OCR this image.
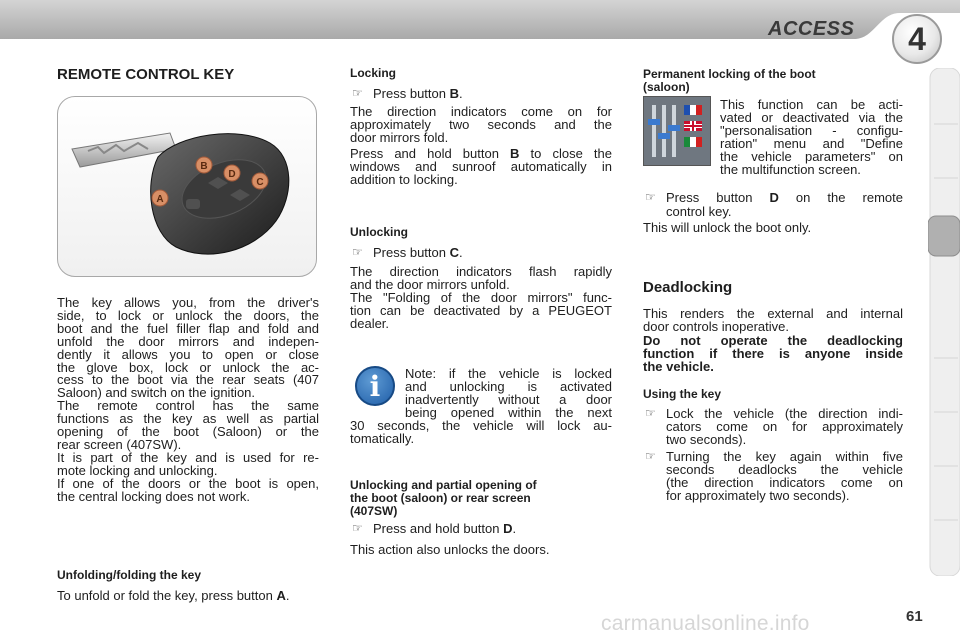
ACCESS	4
REMOTE CONTROL KEY
B
D
C
A
The key allows you, from the driver's
side, to lock or unlock the doors, the
boot and the fuel filler flap and fold and
unfold the door mirrors and indepen-
dently it allows you to open or close
the glove box, lock or unlock the ac-
cess to the boot via the rear seats (407
Saloon) and switch on the ignition.
The remote control has the same
functions as the key as well as partial
opening of the boot (Saloon) or the
rear screen (407SW).
It is part of the key and is used for re-
mote locking and unlocking.
If one of the doors or the boot is open,
the central locking does not work.
Unfolding/folding the key
To unfold or fold the key, press button A.
Locking
☞ Press button B.
The direction indicators come on for
approximately two seconds and the
door mirrors fold.
Press and hold button B to close the
windows and sunroof automatically in
addition to locking.
Unlocking
☞ Press button C.
The direction indicators flash rapidly
and the door mirrors unfold.
The "Folding of the door mirrors" func-
tion can be deactivated by a PEUGEOT
dealer.
i	Note: if the vehicle is locked
and unlocking is activated
inadvertently without a door
being opened within the next
30 seconds, the vehicle will lock au-
tomatically.
Unlocking and partial opening of
the boot (saloon) or rear screen
(407SW)
☞ Press and hold button D.
This action also unlocks the doors.
Permanent locking of the boot
(saloon)
This function can be acti-
vated or deactivated via the
"personalisation - configu-
ration" menu and "Define
the vehicle parameters" on
the multifunction screen.
☞ Press button D on the remote
control key.
This will unlock the boot only.
Deadlocking
This renders the external and internal
door controls inoperative.
Do not operate the deadlocking
function if there is anyone inside
the vehicle.
Using the key
☞ Lock the vehicle (the direction indi-
cators come on for approximately
two seconds).
☞ Turning the key again within five
seconds deadlocks the vehicle
(the direction indicators come on
for approximately two seconds).
carmanualsonline.info	61
